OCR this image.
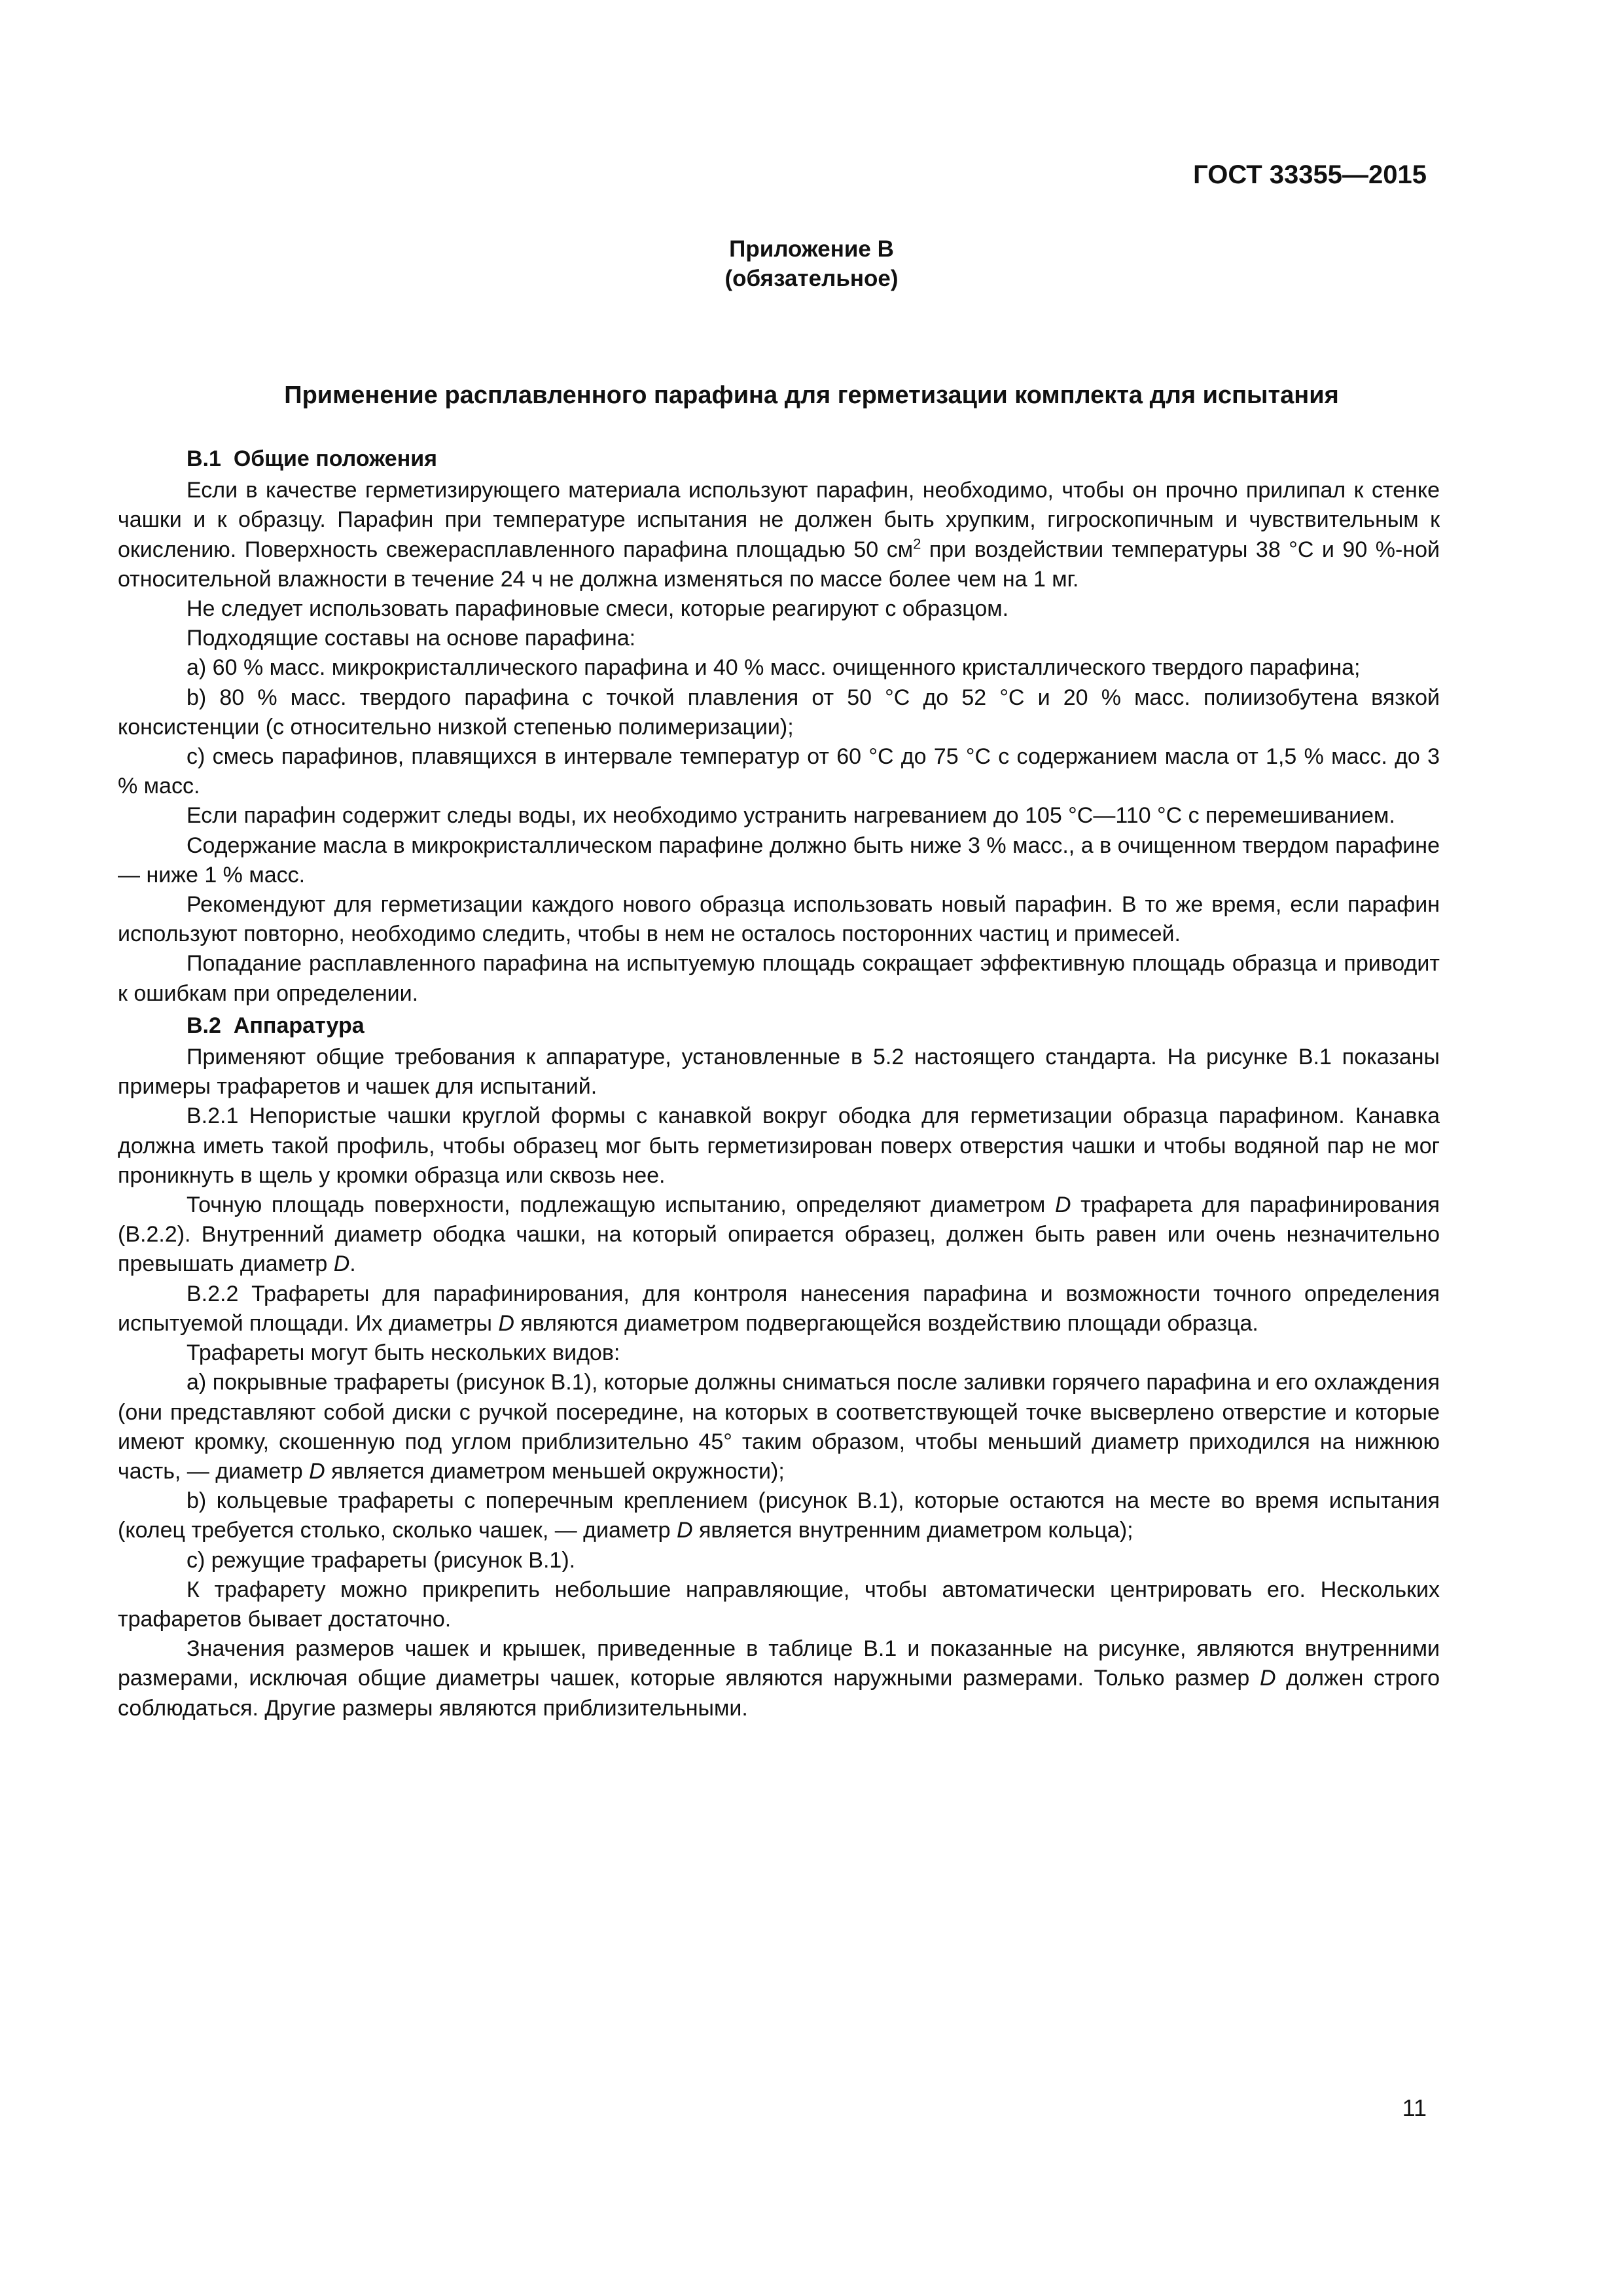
ГОСТ 33355—2015
Приложение В
(обязательное)
Применение расплавленного парафина для герметизации комплекта для испытания
В.1 Общие положения

Если в качестве герметизирующего материала используют парафин, необходимо, чтобы он прочно прилипал к стенке чашки и к образцу. Парафин при температуре испытания не должен быть хрупким, гигроскопичным и чувствительным к окислению. Поверхность свежерасплавленного парафина площадью 50 $см^2$ при воздействии температуры 38 °С и 90 %-ной относительной влажности в течение 24 ч не должна изменяться по массе более чем на 1 мг.

Не следует использовать парафиновые смеси, которые реагируют с образцом.

Подходящие составы на основе парафина:

a) 60 % масс. микрокристаллического парафина и 40 % масс. очищенного кристаллического твердого парафина;

b) 80 % масс. твердого парафина с точкой плавления от 50 °С до 52 °С и 20 % масс. полиизобутена вязкой консистенции (с относительно низкой степенью полимеризации);

c) смесь парафинов, плавящихся в интервале температур от 60 °С до 75 °С с содержанием масла от 1,5 % масс. до 3 % масс.

Если парафин содержит следы воды, их необходимо устранить нагреванием до 105 °С—110 °С с перемешиванием.

Содержание масла в микрокристаллическом парафине должно быть ниже 3 % масс., а в очищенном твердом парафине — ниже 1 % масс.

Рекомендуют для герметизации каждого нового образца использовать новый парафин. В то же время, если парафин используют повторно, необходимо следить, чтобы в нем не осталось посторонних частиц и примесей.

Попадание расплавленного парафина на испытуемую площадь сокращает эффективную площадь образца и приводит к ошибкам при определении.

В.2 Аппаратура

Применяют общие требования к аппаратуре, установленные в 5.2 настоящего стандарта. На рисунке В.1 показаны примеры трафаретов и чашек для испытаний.

В.2.1 Непористые чашки круглой формы с канавкой вокруг ободка для герметизации образца парафином. Канавка должна иметь такой профиль, чтобы образец мог быть герметизирован поверх отверстия чашки и чтобы водяной пар не мог проникнуть в щель у кромки образца или сквозь нее.

Точную площадь поверхности, подлежащую испытанию, определяют диаметром D трафарета для парафинирования (В.2.2). Внутренний диаметр ободка чашки, на который опирается образец, должен быть равен или очень незначительно превышать диаметр D.

В.2.2 Трафареты для парафинирования, для контроля нанесения парафина и возможности точного определения испытуемой площади. Их диаметры D являются диаметром подвергающейся воздействию площади образца.

Трафареты могут быть нескольких видов:

a) покрывные трафареты (рисунок В.1), которые должны сниматься после заливки горячего парафина и его охлаждения (они представляют собой диски с ручкой посередине, на которых в соответствующей точке высверлено отверстие и которые имеют кромку, скошенную под углом приблизительно 45° таким образом, чтобы меньший диаметр приходился на нижнюю часть, — диаметр D является диаметром меньшей окружности);

b) кольцевые трафареты с поперечным креплением (рисунок В.1), которые остаются на месте во время испытания (колец требуется столько, сколько чашек, — диаметр D является внутренним диаметром кольца);

c) режущие трафареты (рисунок В.1).

К трафарету можно прикрепить небольшие направляющие, чтобы автоматически центрировать его. Нескольких трафаретов бывает достаточно.

Значения размеров чашек и крышек, приведенные в таблице В.1 и показанные на рисунке, являются внутренними размерами, исключая общие диаметры чашек, которые являются наружными размерами. Только размер D должен строго соблюдаться. Другие размеры являются приблизительными.

11
